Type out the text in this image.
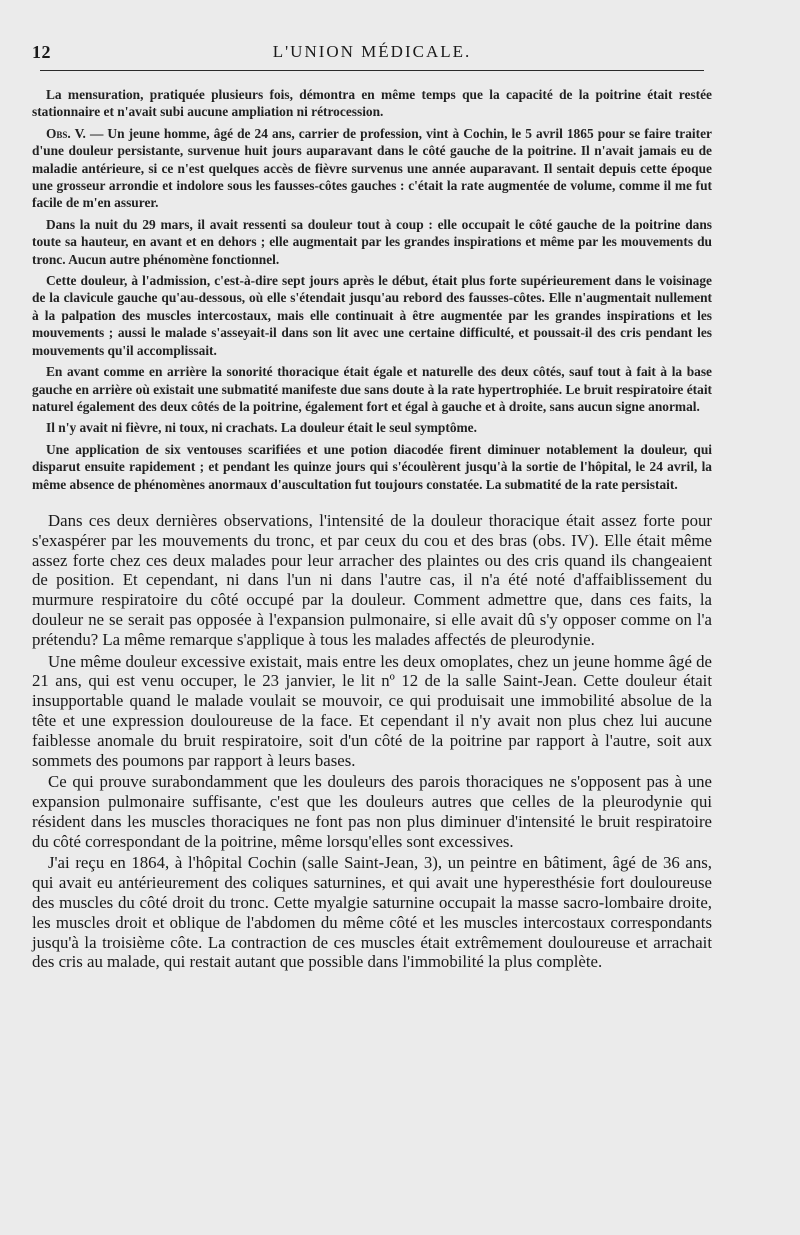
12	L'UNION MÉDICALE.

La mensuration, pratiquée plusieurs fois, démontra en même temps que la capacité de la poitrine était restée stationnaire et n'avait subi aucune ampliation ni rétrocession.

Obs. V. — Un jeune homme, âgé de 24 ans, carrier de profession, vint à Cochin, le 5 avril 1865 pour se faire traiter d'une douleur persistante, survenue huit jours auparavant dans le côté gauche de la poitrine. Il n'avait jamais eu de maladie antérieure, si ce n'est quelques accès de fièvre survenus une année auparavant. Il sentait depuis cette époque une grosseur arrondie et indolore sous les fausses-côtes gauches : c'était la rate augmentée de volume, comme il me fut facile de m'en assurer.

Dans la nuit du 29 mars, il avait ressenti sa douleur tout à coup : elle occupait le côté gauche de la poitrine dans toute sa hauteur, en avant et en dehors ; elle augmentait par les grandes inspirations et même par les mouvements du tronc. Aucun autre phénomène fonctionnel.

Cette douleur, à l'admission, c'est-à-dire sept jours après le début, était plus forte supérieurement dans le voisinage de la clavicule gauche qu'au-dessous, où elle s'étendait jusqu'au rebord des fausses-côtes. Elle n'augmentait nullement à la palpation des muscles intercostaux, mais elle continuait à être augmentée par les grandes inspirations et les mouvements ; aussi le malade s'asseyait-il dans son lit avec une certaine difficulté, et poussait-il des cris pendant les mouvements qu'il accomplissait.

En avant comme en arrière la sonorité thoracique était égale et naturelle des deux côtés, sauf tout à fait à la base gauche en arrière où existait une submatité manifeste due sans doute à la rate hypertrophiée. Le bruit respiratoire était naturel également des deux côtés de la poitrine, également fort et égal à gauche et à droite, sans aucun signe anormal.

Il n'y avait ni fièvre, ni toux, ni crachats. La douleur était le seul symptôme.

Une application de six ventouses scarifiées et une potion diacodée firent diminuer notablement la douleur, qui disparut ensuite rapidement ; et pendant les quinze jours qui s'écoulèrent jusqu'à la sortie de l'hôpital, le 24 avril, la même absence de phénomènes anormaux d'auscultation fut toujours constatée. La submatité de la rate persistait.

Dans ces deux dernières observations, l'intensité de la douleur thoracique était assez forte pour s'exaspérer par les mouvements du tronc, et par ceux du cou et des bras (obs. IV). Elle était même assez forte chez ces deux malades pour leur arracher des plaintes ou des cris quand ils changeaient de position. Et cependant, ni dans l'un ni dans l'autre cas, il n'a été noté d'affaiblissement du murmure respiratoire du côté occupé par la douleur. Comment admettre que, dans ces faits, la douleur ne se serait pas opposée à l'expansion pulmonaire, si elle avait dû s'y opposer comme on l'a prétendu? La même remarque s'applique à tous les malades affectés de pleurodynie.

Une même douleur excessive existait, mais entre les deux omoplates, chez un jeune homme âgé de 21 ans, qui est venu occuper, le 23 janvier, le lit nº 12 de la salle Saint-Jean. Cette douleur était insupportable quand le malade voulait se mouvoir, ce qui produisait une immobilité absolue de la tête et une expression douloureuse de la face. Et cependant il n'y avait non plus chez lui aucune faiblesse anomale du bruit respiratoire, soit d'un côté de la poitrine par rapport à l'autre, soit aux sommets des poumons par rapport à leurs bases.

Ce qui prouve surabondamment que les douleurs des parois thoraciques ne s'opposent pas à une expansion pulmonaire suffisante, c'est que les douleurs autres que celles de la pleurodynie qui résident dans les muscles thoraciques ne font pas non plus diminuer d'intensité le bruit respiratoire du côté correspondant de la poitrine, même lorsqu'elles sont excessives.

J'ai reçu en 1864, à l'hôpital Cochin (salle Saint-Jean, 3), un peintre en bâtiment, âgé de 36 ans, qui avait eu antérieurement des coliques saturnines, et qui avait une hyperesthésie fort douloureuse des muscles du côté droit du tronc. Cette myalgie saturnine occupait la masse sacro-lombaire droite, les muscles droit et oblique de l'abdomen du même côté et les muscles intercostaux correspondants jusqu'à la troisième côte. La contraction de ces muscles était extrêmement douloureuse et arrachait des cris au malade, qui restait autant que possible dans l'immobilité la plus complète.
